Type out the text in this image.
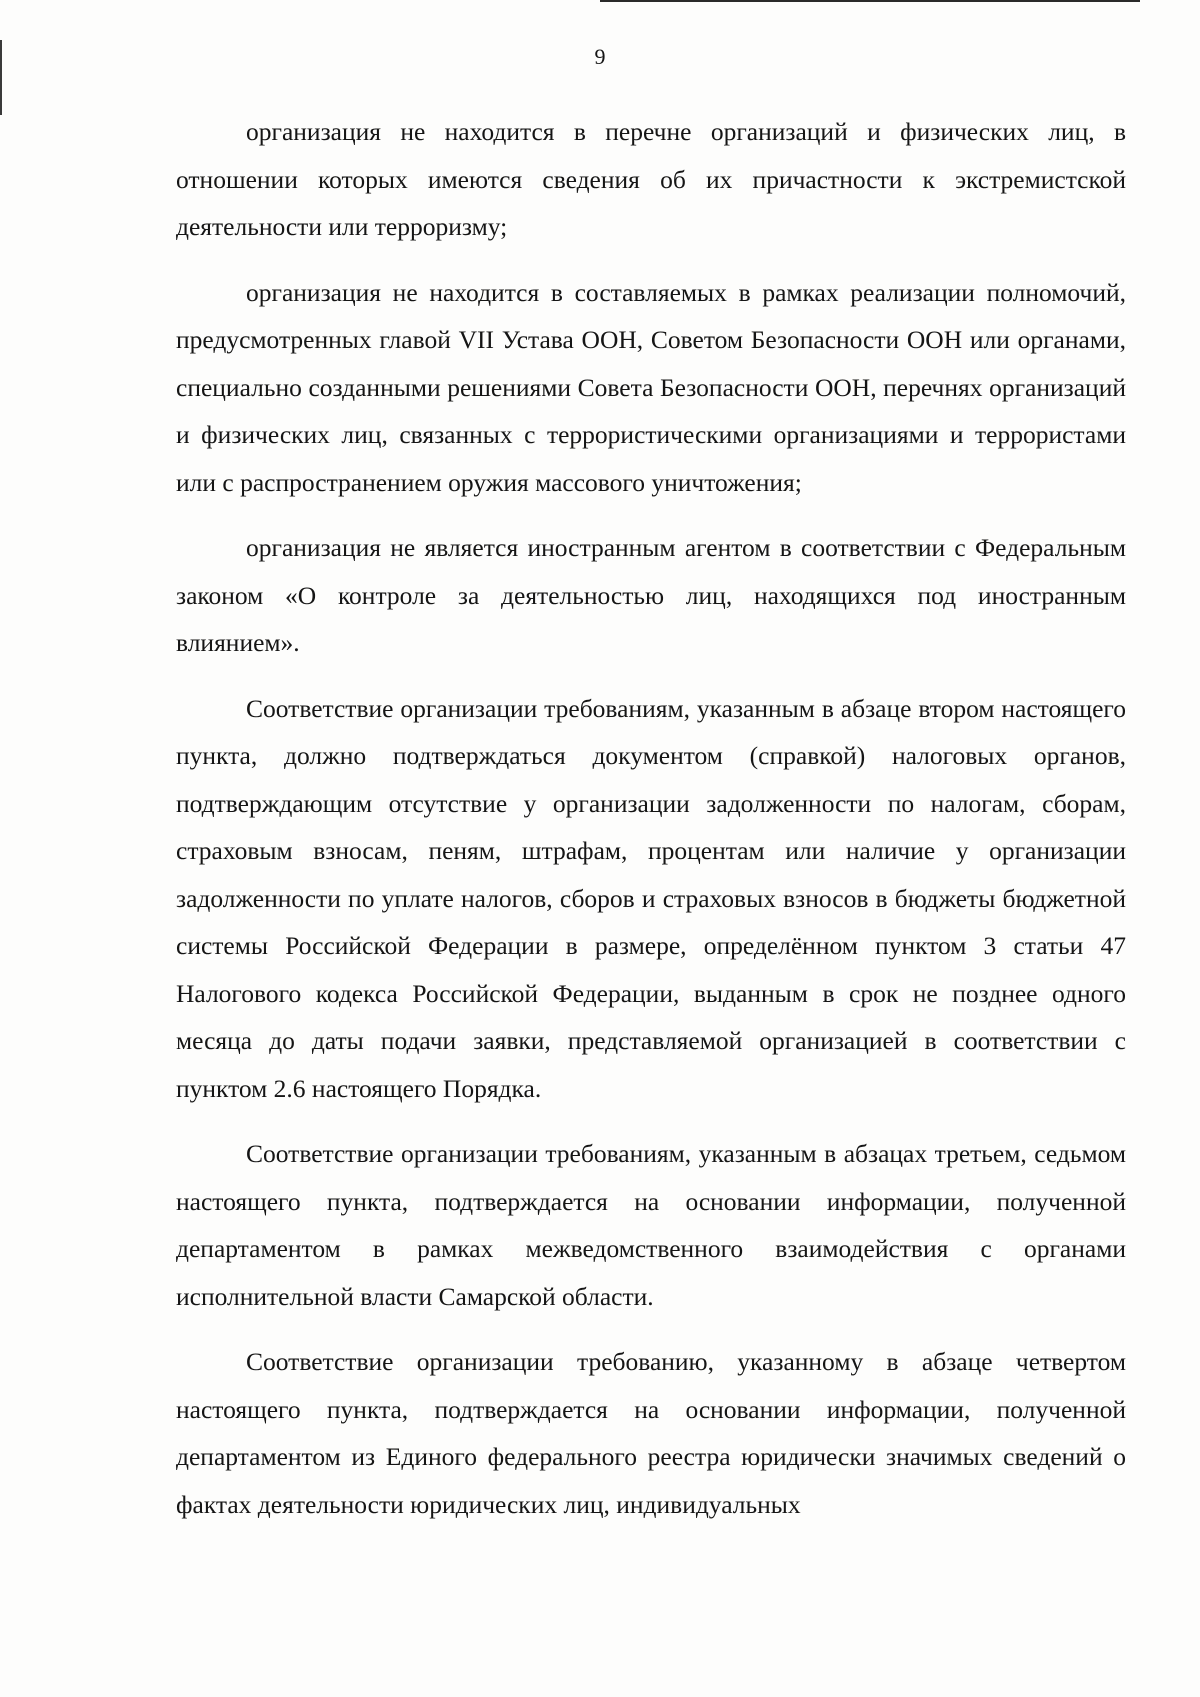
9

организация не находится в перечне организаций и физических лиц, в отношении которых имеются сведения об их причастности к экстремистской деятельности или терроризму;

организация не находится в составляемых в рамках реализации полномочий, предусмотренных главой VII Устава ООН, Советом Безопасности ООН или органами, специально созданными решениями Совета Безопасности ООН, перечнях организаций и физических лиц, связанных с террористическими организациями и террористами или с распространением оружия массового уничтожения;

организация не является иностранным агентом в соответствии с Федеральным законом «О контроле за деятельностью лиц, находящихся под иностранным влиянием».

Соответствие организации требованиям, указанным в абзаце втором настоящего пункта, должно подтверждаться документом (справкой) налоговых органов, подтверждающим отсутствие у организации задолженности по налогам, сборам, страховым взносам, пеням, штрафам, процентам или наличие у организации задолженности по уплате налогов, сборов и страховых взносов в бюджеты бюджетной системы Российской Федерации в размере, определённом пунктом 3 статьи 47 Налогового кодекса Российской Федерации, выданным в срок не позднее одного месяца до даты подачи заявки, представляемой организацией в соответствии с пунктом 2.6 настоящего Порядка.

Соответствие организации требованиям, указанным в абзацах третьем, седьмом настоящего пункта, подтверждается на основании информации, полученной департаментом в рамках межведомственного взаимодействия с органами исполнительной власти Самарской области.

Соответствие организации требованию, указанному в абзаце четвертом настоящего пункта, подтверждается на основании информации, полученной департаментом из Единого федерального реестра юридически значимых сведений о фактах деятельности юридических лиц, индивидуальных
